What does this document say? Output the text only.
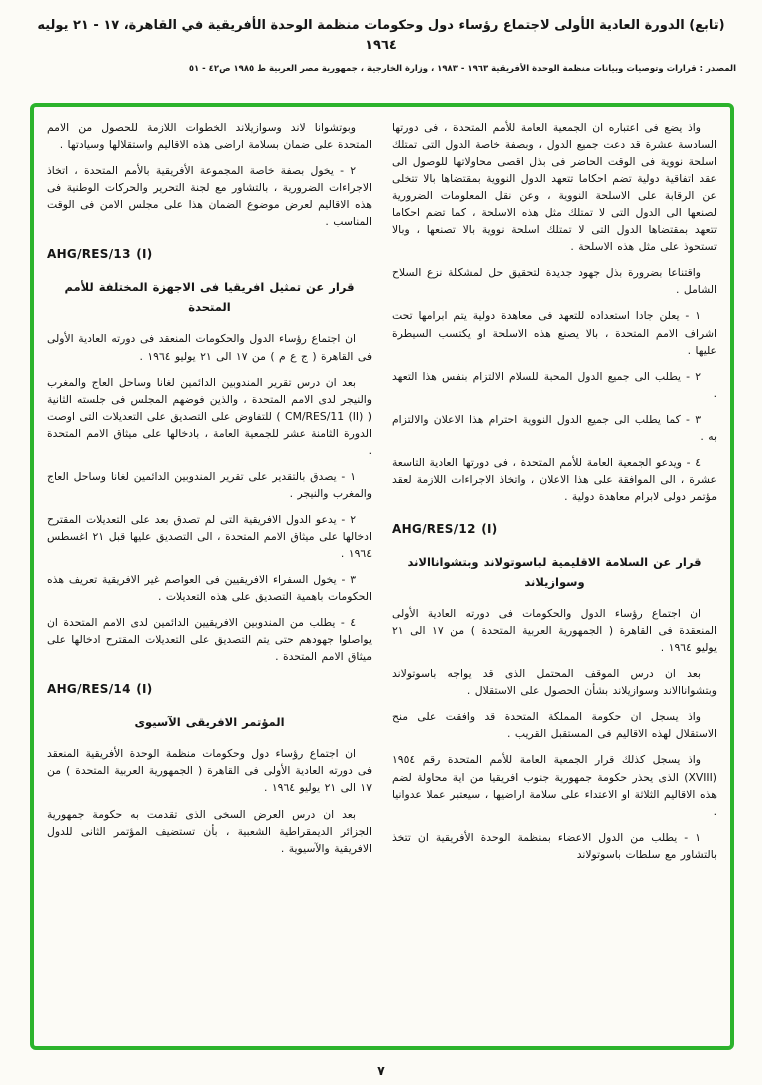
(تابع) الدورة العادية الأولى لاجتماع رؤساء دول وحكومات منظمة الوحدة الأفريقية في القاهرة، ١٧ - ٢١ يوليه ١٩٦٤
المصدر : قرارات وتوصيات وبيانات منظمة الوحدة الأفريقية ١٩٦٣ - ١٩٨٣ ، وزارة الخارجية ، جمهورية مصر العربية ط ١٩٨٥ ص٤٢ - ٥١
واذ يضع فى اعتباره ان الجمعية العامة للأمم المتحدة ، فى دورتها السادسة عشرة قد دعت جميع الدول ، وبصفة خاصة الدول التى تمتلك اسلحة نووية فى الوقت الحاضر فى بذل اقصى محاولاتها للوصول الى عقد اتفاقية دولية تضم احكاما تتعهد الدول النووية بمقتضاها بالا تتخلى عن الرقابة على الاسلحة النووية ، وعن نقل المعلومات الضرورية لصنعها الى الدول التى لا تمتلك مثل هذه الاسلحة ، كما تضم احكاما تتعهد بمقتضاها الدول التى لا تمتلك اسلحة نووية بالا تصنعها ، وبالا تستحوذ على مثل هذه الاسلحة .
واقتناعا بضرورة بذل جهود جديدة لتحقيق حل لمشكلة نزع السلاح الشامل .
١ - يعلن جادا استعداده للتعهد فى معاهدة دولية يتم ابرامها تحت اشراف الامم المتحدة ، بالا يصنع هذه الاسلحة او يكتسب السيطرة عليها .
٢ - يطلب الى جميع الدول المحبة للسلام الالتزام بنفس هذا التعهد .
٣ - كما يطلب الى جميع الدول النووية احترام هذا الاعلان والالتزام به .
٤ - ويدعو الجمعية العامة للأمم المتحدة ، فى دورتها العادية التاسعة عشرة ، الى الموافقة على هذا الاعلان ، واتخاذ الاجراءات اللازمة لعقد مؤتمر دولى لابرام معاهدة دولية .
AHG/RES/12 (I)
قرار عن السلامة الاقليمية لباسوتولاند وبتشواناالاند وسوازيلاند
ان اجتماع رؤساء الدول والحكومات فى دورته العادية الأولى المنعقدة فى القاهرة ( الجمهورية العربية المتحدة ) من ١٧ الى ٢١ يوليو ١٩٦٤ .
بعد ان درس الموقف المحتمل الذى قد يواجه باسوتولاند وبتشواناالاند وسوازيلاند بشأن الحصول على الاستقلال .
واذ يسجل ان حكومة المملكة المتحدة قد وافقت على منح الاستقلال لهذه الاقاليم فى المستقبل القريب .
واذ يسجل كذلك قرار الجمعية العامة للأمم المتحدة رقم ١٩٥٤ (XVIII) الذى يحذر حكومة جمهورية جنوب افريقيا من اية محاولة لضم هذه الاقاليم الثلاثة او الاعتداء على سلامة اراضيها ، سيعتبر عملا عدوانيا .
١ - يطلب من الدول الاعضاء بمنظمة الوحدة الأفريقية ان تتخذ بالتشاور مع سلطات باسوتولاند
وبوتشوانا لاند وسوازيلاند الخطوات اللازمة للحصول من الامم المتحدة على ضمان بسلامة اراضى هذه الاقاليم واستقلالها وسيادتها .
٢ - يخول بصفة خاصة المجموعة الأفريقية بالأمم المتحدة ، اتخاذ الاجراءات الضرورية ، بالتشاور مع لجنة التحرير والحركات الوطنية فى هذه الاقاليم لعرض موضوع الضمان هذا على مجلس الامن فى الوقت المناسب .
AHG/RES/13 (I)
قرار عن تمثيل افريقيا فى الاجهزة المختلفة للأمم المتحدة
ان اجتماع رؤساء الدول والحكومات المنعقد فى دورته العادية الأولى فى القاهرة ( ج ع م ) من ١٧ الى ٢١ يوليو ١٩٦٤ .
بعد ان درس تقرير المندوبين الدائمين لغانا وساحل العاج والمغرب والنيجر لدى الامم المتحدة ، والذين فوضهم المجلس فى جلسته الثانية ( CM/RES/11 (II) ) للتفاوض على التصديق على التعديلات التى اوصت الدورة الثامنة عشر للجمعية العامة ، بادخالها على ميثاق الامم المتحدة .
١ - يصدق بالتقدير على تقرير المندوبين الدائمين لغانا وساحل العاج والمغرب والنيجر .
٢ - يدعو الدول الافريقية التى لم تصدق بعد على التعديلات المقترح ادخالها على ميثاق الامم المتحدة ، الى التصديق عليها قبل ٢١ اغسطس ١٩٦٤ .
٣ - يخول السفراء الافريقيين فى العواصم غير الافريقية تعريف هذه الحكومات باهمية التصديق على هذه التعديلات .
٤ - يطلب من المندوبين الافريقيين الدائمين لدى الامم المتحدة ان يواصلوا جهودهم حتى يتم التصديق على التعديلات المقترح ادخالها على ميثاق الامم المتحدة .
AHG/RES/14 (I)
المؤتمر الافريقى الآسيوى
ان اجتماع رؤساء دول وحكومات منظمة الوحدة الأفريقية المنعقد فى دورته العادية الأولى فى القاهرة ( الجمهورية العربية المتحدة ) من ١٧ الى ٢١ يوليو ١٩٦٤ .
بعد ان درس العرض السخى الذى تقدمت به حكومة جمهورية الجزائر الديمقراطية الشعبية ، بأن تستضيف المؤتمر الثانى للدول الافريقية والآسيوية .
٧
